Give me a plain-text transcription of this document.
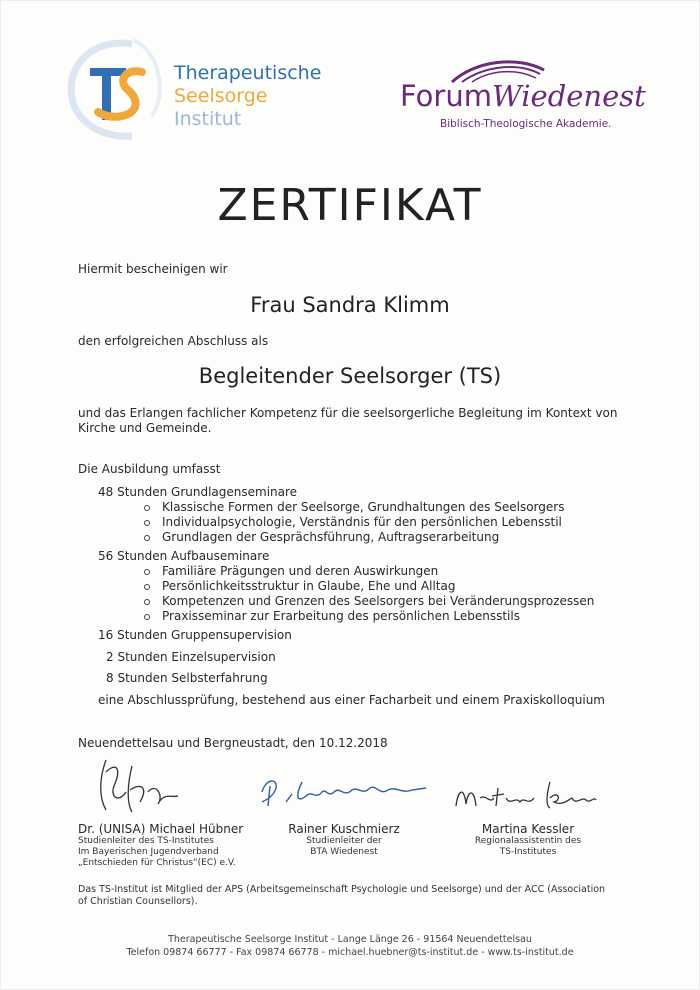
Therapeutische
Seelsorge
Institut
ForumWiedenest
Biblisch-Theologische Akademie.
ZERTIFIKAT
Hiermit bescheinigen wir
Frau Sandra Klimm
den erfolgreichen Abschluss als
Begleitender Seelsorger (TS)
und das Erlangen fachlicher Kompetenz für die seelsorgerliche Begleitung im Kontext von
Kirche und Gemeinde.
Die Ausbildung umfasst
48 Stunden Grundlagenseminare
Klassische Formen der Seelsorge, Grundhaltungen des Seelsorgers
Individualpsychologie, Verständnis für den persönlichen Lebensstil
Grundlagen der Gesprächsführung, Auftragserarbeitung
56 Stunden Aufbauseminare
Familiäre Prägungen und deren Auswirkungen
Persönlichkeitsstruktur in Glaube, Ehe und Alltag
Kompetenzen und Grenzen des Seelsorgers bei Veränderungsprozessen
Praxisseminar zur Erarbeitung des persönlichen Lebensstils
16 Stunden Gruppensupervision
2 Stunden Einzelsupervision
8 Stunden Selbsterfahrung
eine Abschlussprüfung, bestehend aus einer Facharbeit und einem Praxiskolloquium
Neuendettelsau und Bergneustadt, den 10.12.2018
Dr. (UNISA) Michael Hübner
Studienleiter des TS-Institutes
Im Bayerischen Jugendverband
„Entschieden für Christus“(EC) e.V.
Rainer Kuschmierz
Studienleiter der
BTA Wiedenest
Martina Kessler
Regionalassistentin des
TS-Institutes
Das TS-Institut ist Mitglied der APS (Arbeitsgemeinschaft Psychologie und Seelsorge) und der ACC (Association
of Christian Counsellors).
Therapeutische Seelsorge Institut - Lange Länge 26 - 91564 Neuendettelsau
Telefon 09874 66777 - Fax 09874 66778 - michael.huebner@ts-institut.de - www.ts-institut.de
